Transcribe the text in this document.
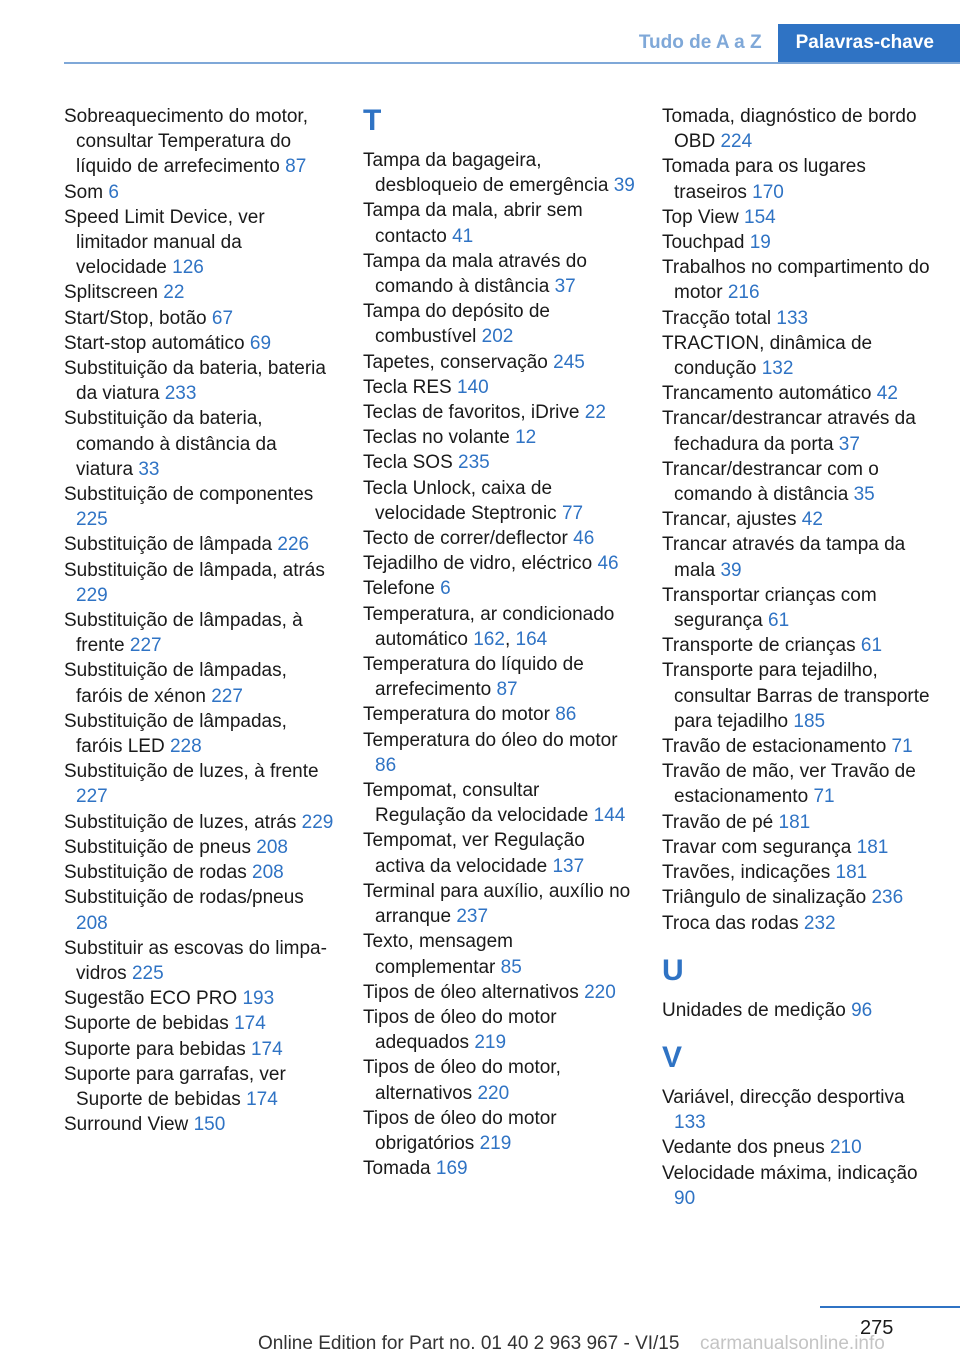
Tudo de A a Z	Palavras-chave
Sobreaquecimento do motor, consultar Temperatura do líquido de arrefecimento 87
Som 6
Speed Limit Device, ver limitador manual da velocidade 126
Splitscreen 22
Start/Stop, botão 67
Start-stop automático 69
Substituição da bateria, bateria da viatura 233
Substituição da bateria, comando à distância da viatura 33
Substituição de componentes 225
Substituição de lâmpada 226
Substituição de lâmpada, atrás 229
Substituição de lâmpadas, à frente 227
Substituição de lâmpadas, faróis de xénon 227
Substituição de lâmpadas, faróis LED 228
Substituição de luzes, à frente 227
Substituição de luzes, atrás 229
Substituição de pneus 208
Substituição de rodas 208
Substituição de rodas/pneus 208
Substituir as escovas do limpa-vidros 225
Sugestão ECO PRO 193
Suporte de bebidas 174
Suporte para bebidas 174
Suporte para garrafas, ver Suporte de bebidas 174
Surround View 150
T
Tampa da bagageira, desbloqueio de emergência 39
Tampa da mala, abrir sem contacto 41
Tampa da mala através do comando à distância 37
Tampa do depósito de combustível 202
Tapetes, conservação 245
Tecla RES 140
Teclas de favoritos, iDrive 22
Teclas no volante 12
Tecla SOS 235
Tecla Unlock, caixa de velocidade Steptronic 77
Tecto de correr/deflector 46
Tejadilho de vidro, eléctrico 46
Telefone 6
Temperatura, ar condicionado automático 162, 164
Temperatura do líquido de arrefecimento 87
Temperatura do motor 86
Temperatura do óleo do motor 86
Tempomat, consultar Regulação da velocidade 144
Tempomat, ver Regulação activa da velocidade 137
Terminal para auxílio, auxílio no arranque 237
Texto, mensagem complementar 85
Tipos de óleo alternativos 220
Tipos de óleo do motor adequados 219
Tipos de óleo do motor, alternativos 220
Tipos de óleo do motor obrigatórios 219
Tomada 169
Tomada, diagnóstico de bordo OBD 224
Tomada para os lugares traseiros 170
Top View 154
Touchpad 19
Trabalhos no compartimento do motor 216
Tracção total 133
TRACTION, dinâmica de condução 132
Trancamento automático 42
Trancar/destrancar através da fechadura da porta 37
Trancar/destrancar com o comando à distância 35
Trancar, ajustes 42
Trancar através da tampa da mala 39
Transportar crianças com segurança 61
Transporte de crianças 61
Transporte para tejadilho, consultar Barras de transporte para tejadilho 185
Travão de estacionamento 71
Travão de mão, ver Travão de estacionamento 71
Travão de pé 181
Travar com segurança 181
Travões, indicações 181
Triângulo de sinalização 236
Troca das rodas 232
U
Unidades de medição 96
V
Variável, direcção desportiva 133
Vedante dos pneus 210
Velocidade máxima, indicação 90
275
Online Edition for Part no. 01 40 2 963 967 - VI/15 carmanualsonline.info
